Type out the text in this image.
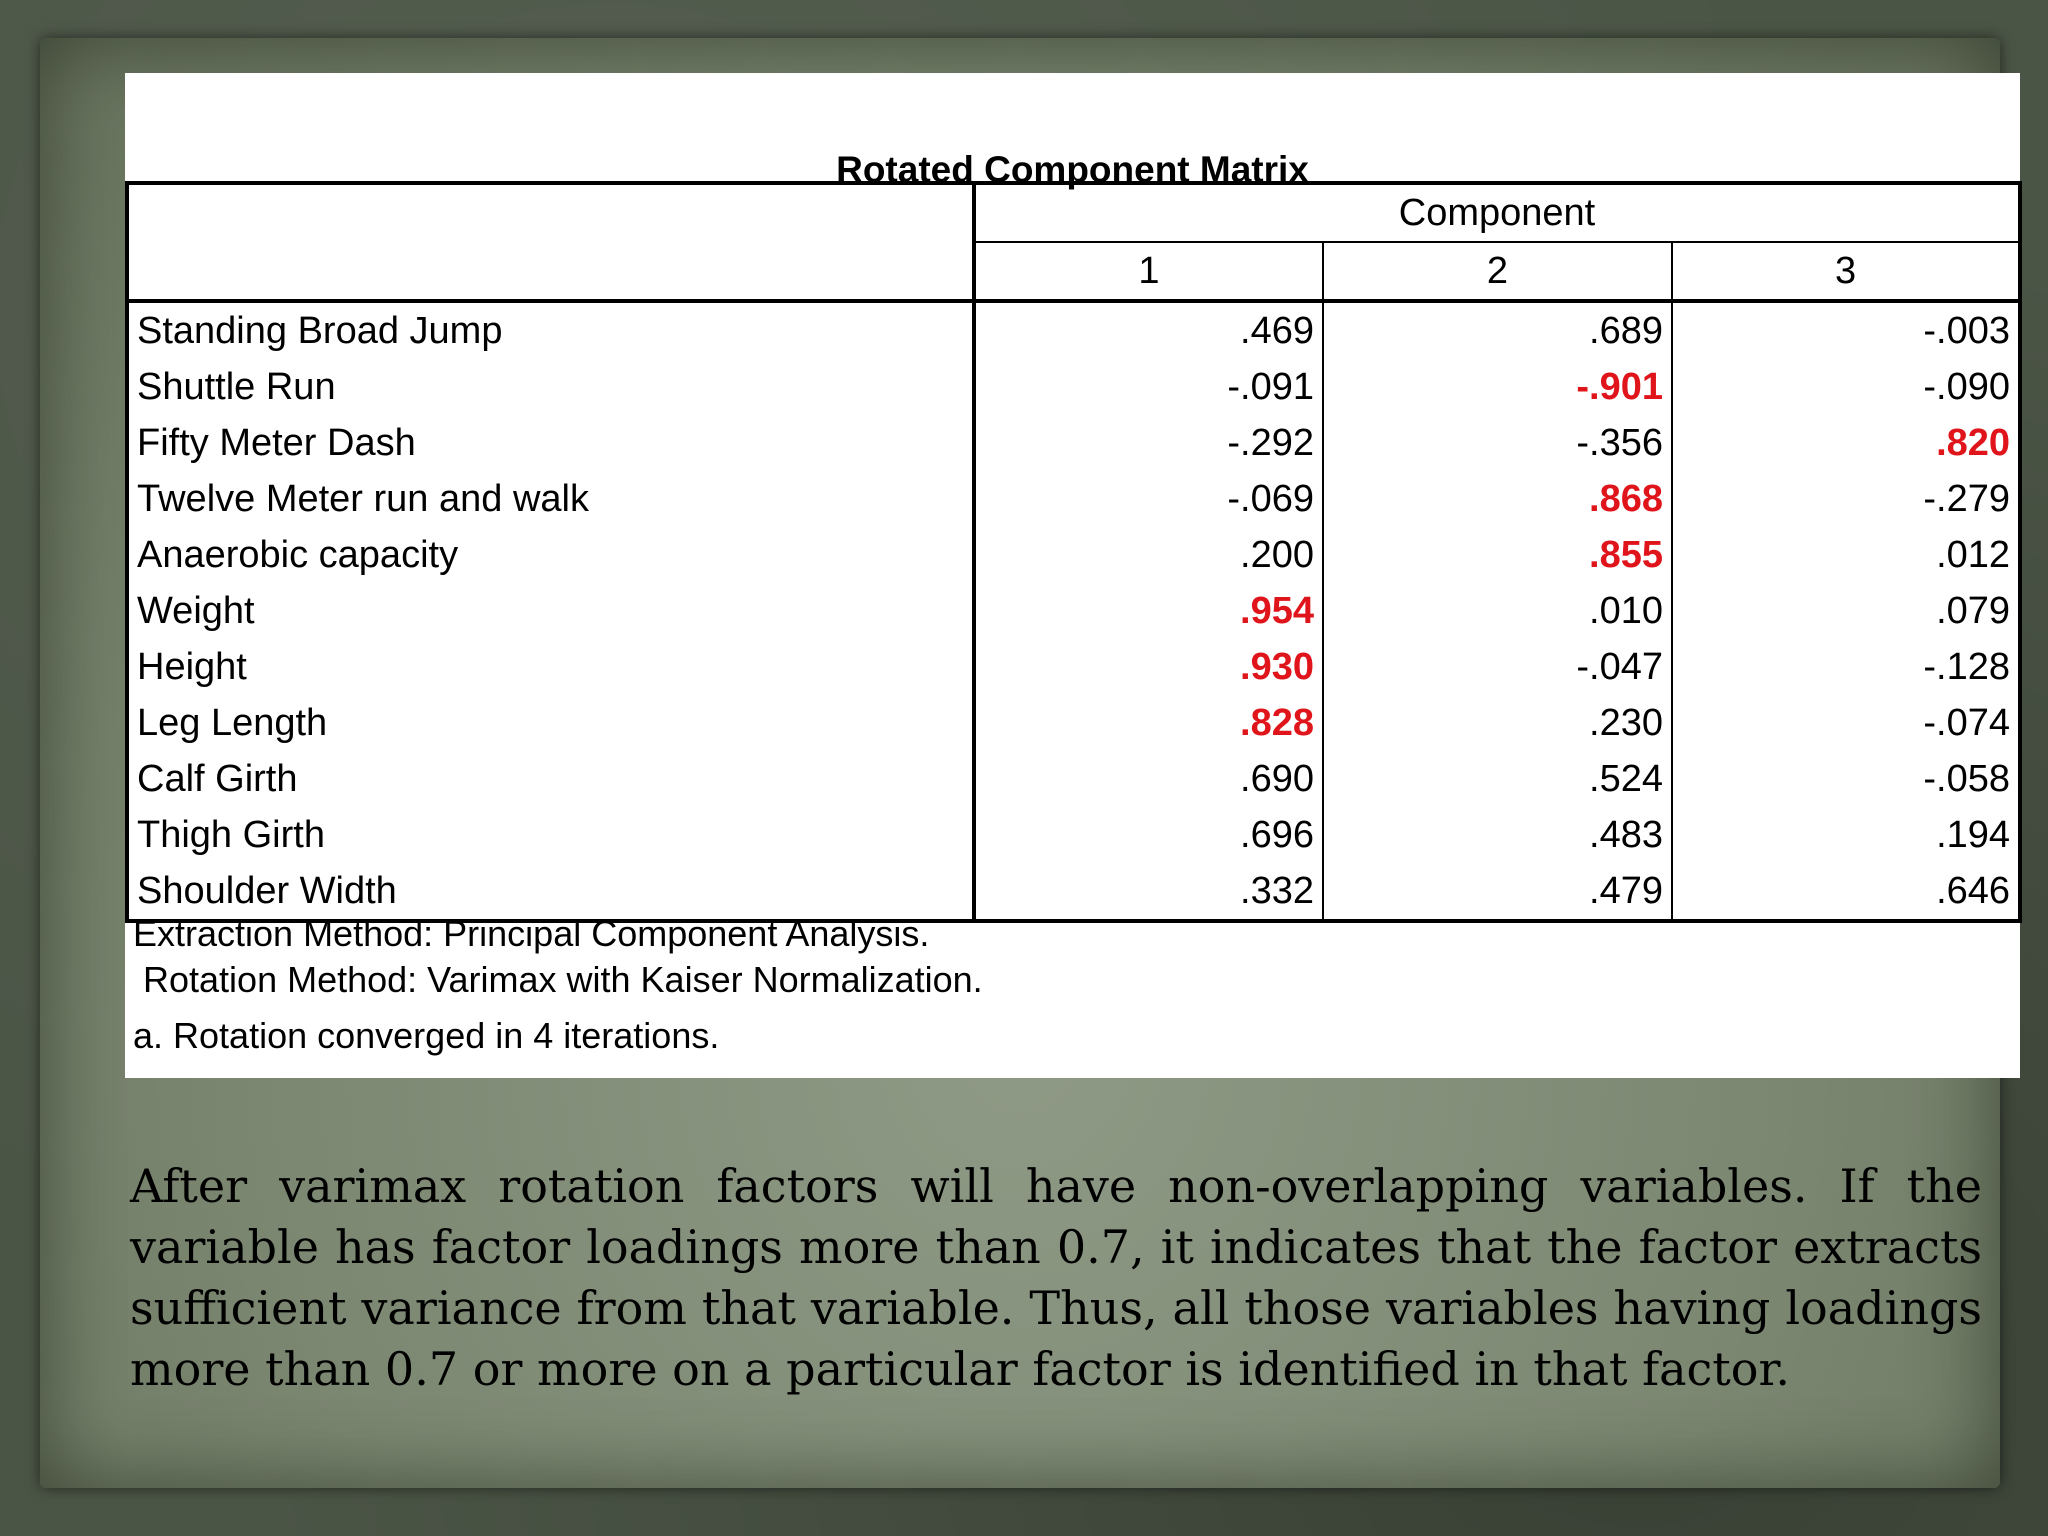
Rotated Component Matrix
	Component		
	1	2	3
Standing Broad Jump	.469	.689	-.003
Shuttle Run	-.091	-.901	-.090
Fifty Meter Dash	-.292	-.356	.820
Twelve Meter run and walk	-.069	.868	-.279
Anaerobic capacity	.200	.855	.012
Weight	.954	.010	.079
Height	.930	-.047	-.128
Leg Length	.828	.230	-.074
Calf Girth	.690	.524	-.058
Thigh Girth	.696	.483	.194
Shoulder Width	.332	.479	.646
Extraction Method: Principal Component Analysis.
Rotation Method: Varimax with Kaiser Normalization.
a. Rotation converged in 4 iterations.
After varimax rotation factors will have non-overlapping variables. If the variable has factor loadings more than 0.7, it indicates that the factor extracts sufficient variance from that variable. Thus, all those variables having loadings more than 0.7 or more on a particular factor is identified in that factor.
